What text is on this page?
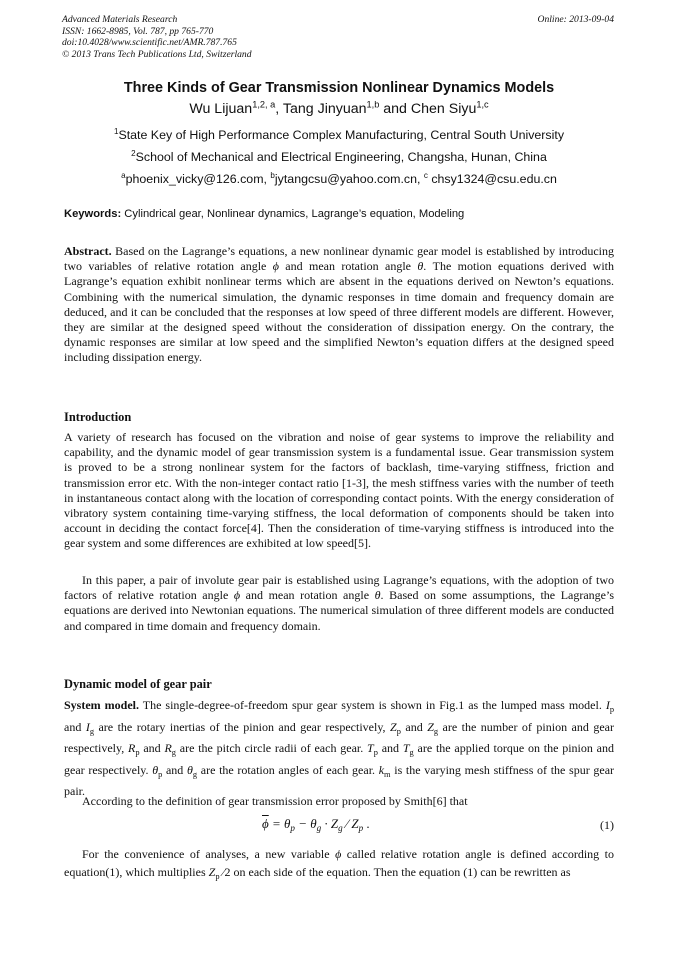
Advanced Materials Research
ISSN: 1662-8985, Vol. 787, pp 765-770
doi:10.4028/www.scientific.net/AMR.787.765
© 2013 Trans Tech Publications Ltd, Switzerland
Online: 2013-09-04
Three Kinds of Gear Transmission Nonlinear Dynamics Models
Wu Lijuan$^{1,2, a}$, Tang Jinyuan$^{1,b}$ and Chen Siyu$^{1,c}$
$^1$State Key of High Performance Complex Manufacturing, Central South University
$^2$School of Mechanical and Electrical Engineering, Changsha, Hunan, China
$^a$phoenix_vicky@126.com, $^b$jytangcsu@yahoo.com.cn, $^c$ chsy1324@csu.edu.cn
Keywords: Cylindrical gear, Nonlinear dynamics, Lagrange’s equation, Modeling
Abstract. Based on the Lagrange’s equations, a new nonlinear dynamic gear model is established by introducing two variables of relative rotation angle ϕ and mean rotation angle θ. The motion equations derived with Lagrange’s equation exhibit nonlinear terms which are absent in the equations derived on Newton’s equations. Combining with the numerical simulation, the dynamic responses in time domain and frequency domain are deduced, and it can be concluded that the responses at low speed of three different models are different. However, they are similar at the designed speed without the consideration of dissipation energy. On the contrary, the dynamic responses are similar at low speed and the simplified Newton’s equation differs at the designed speed including dissipation energy.
Introduction
A variety of research has focused on the vibration and noise of gear systems to improve the reliability and capability, and the dynamic model of gear transmission system is a fundamental issue. Gear transmission system is proved to be a strong nonlinear system for the factors of backlash, time-varying stiffness, friction and transmission error etc. With the non-integer contact ratio [1-3], the mesh stiffness varies with the number of teeth in instantaneous contact along with the location of corresponding contact points. With the energy consideration of vibratory system containing time-varying stiffness, the local deformation of components should be taken into account in deciding the contact force[4]. Then the consideration of time-varying stiffness is introduced into the gear system and some differences are exhibited at low speed[5].
In this paper, a pair of involute gear pair is established using Lagrange’s equations, with the adoption of two factors of relative rotation angle ϕ and mean rotation angle θ. Based on some assumptions, the Lagrange’s equations are derived into Newtonian equations. The numerical simulation of three different models are conducted and compared in time domain and frequency domain.
Dynamic model of gear pair
System model. The single-degree-of-freedom spur gear system is shown in Fig.1 as the lumped mass model. $I_p$ and $I_g$ are the rotary inertias of the pinion and gear respectively, $Z_p$ and $Z_g$ are the number of pinion and gear respectively, $R_p$ and $R_g$ are the pitch circle radii of each gear. $T_p$ and $T_g$ are the applied torque on the pinion and gear respectively. $\theta_p$ and $\theta_g$ are the rotation angles of each gear. $k_m$ is the varying mesh stiffness of the spur gear pair.
According to the definition of gear transmission error proposed by Smith[6] that
$\overline{\phi} = \theta_p - \theta_g \cdot Z_g$ ⁄ $Z_p$ .	(1)
For the convenience of analyses, a new variable ϕ called relative rotation angle is defined according to equation(1), which multiplies $Z_p$ ⁄2 on each side of the equation. Then the equation (1) can be rewritten as
